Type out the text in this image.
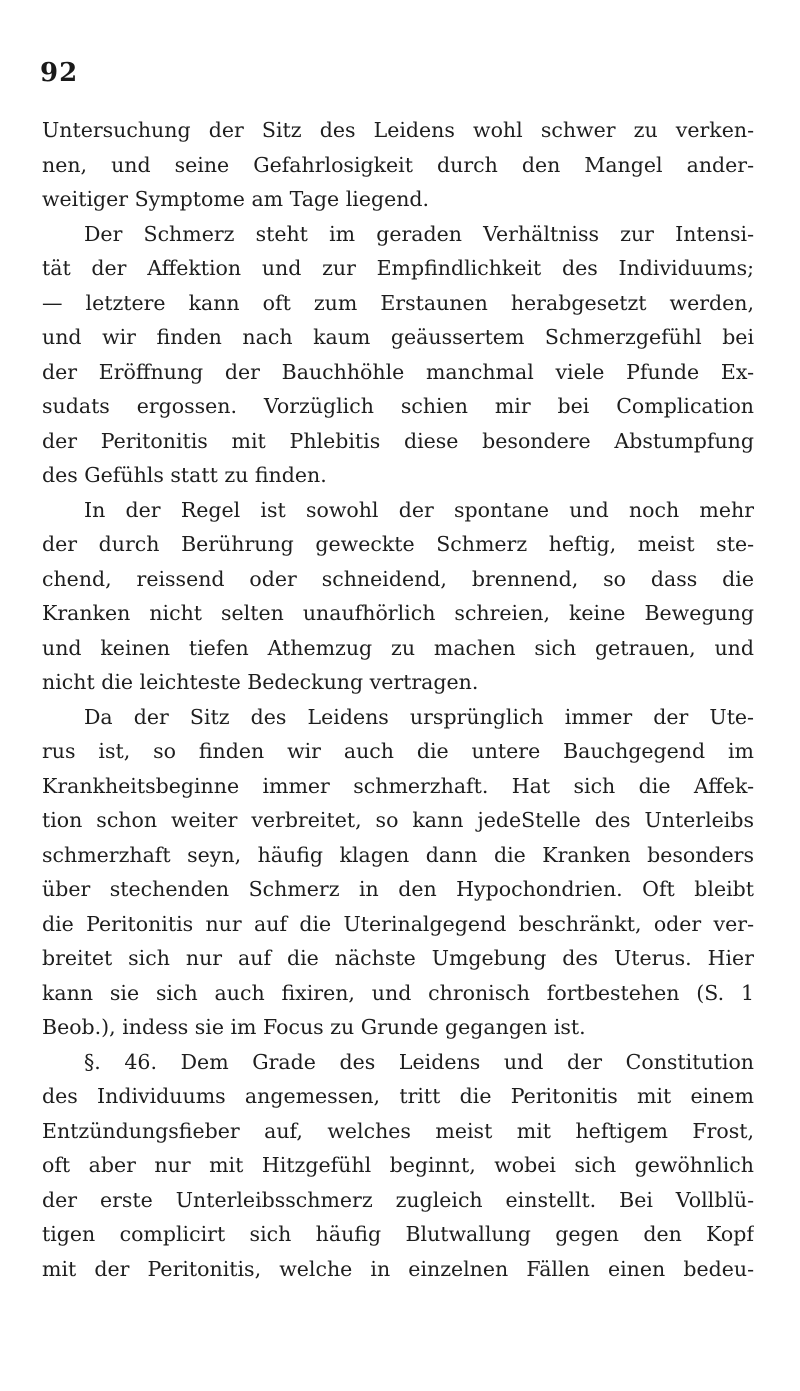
92
Untersuchung der Sitz des Leidens wohl schwer zu verken-
nen, und seine Gefahrlosigkeit durch den Mangel ander-
weitiger Symptome am Tage liegend.
Der Schmerz steht im geraden Verhältniss zur Intensi-
tät der Affektion und zur Empfindlichkeit des Individuums;
— letztere kann oft zum Erstaunen herabgesetzt werden,
und wir finden nach kaum geäussertem Schmerzgefühl bei
der Eröffnung der Bauchhöhle manchmal viele Pfunde Ex-
sudats ergossen. Vorzüglich schien mir bei Complication
der Peritonitis mit Phlebitis diese besondere Abstumpfung
des Gefühls statt zu finden.
In der Regel ist sowohl der spontane und noch mehr
der durch Berührung geweckte Schmerz heftig, meist ste-
chend, reissend oder schneidend, brennend, so dass die
Kranken nicht selten unaufhörlich schreien, keine Bewegung
und keinen tiefen Athemzug zu machen sich getrauen, und
nicht die leichteste Bedeckung vertragen.
Da der Sitz des Leidens ursprünglich immer der Ute-
rus ist, so finden wir auch die untere Bauchgegend im
Krankheitsbeginne immer schmerzhaft. Hat sich die Affek-
tion schon weiter verbreitet, so kann jedeStelle des Unterleibs
schmerzhaft seyn, häufig klagen dann die Kranken besonders
über stechenden Schmerz in den Hypochondrien. Oft bleibt
die Peritonitis nur auf die Uterinalgegend beschränkt, oder ver-
breitet sich nur auf die nächste Umgebung des Uterus. Hier
kann sie sich auch fixiren, und chronisch fortbestehen (S. 1
Beob.), indess sie im Focus zu Grunde gegangen ist.
§. 46. Dem Grade des Leidens und der Constitution
des Individuums angemessen, tritt die Peritonitis mit einem
Entzündungsfieber auf, welches meist mit heftigem Frost,
oft aber nur mit Hitzgefühl beginnt, wobei sich gewöhnlich
der erste Unterleibsschmerz zugleich einstellt. Bei Vollblü-
tigen complicirt sich häufig Blutwallung gegen den Kopf
mit der Peritonitis, welche in einzelnen Fällen einen bedeu-
